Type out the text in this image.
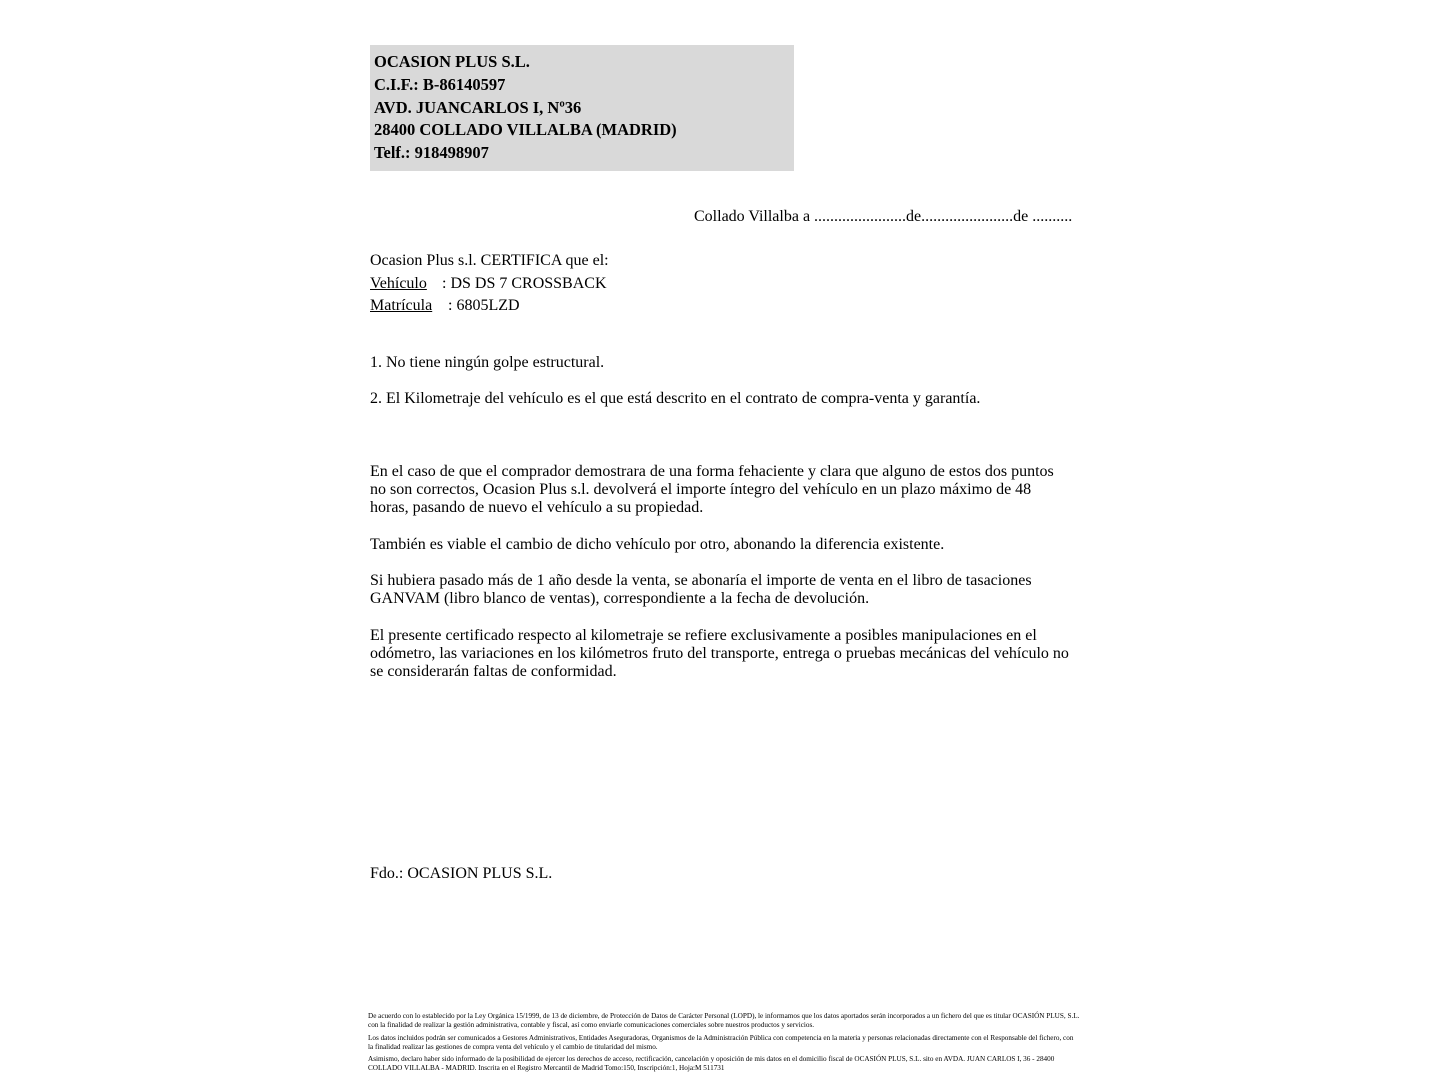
OCASION PLUS S.L.
C.I.F.: B-86140597
AVD. JUANCARLOS I, Nº36
28400 COLLADO VILLALBA (MADRID)
Telf.: 918498907
Collado Villalba a .......................de.......................de ..........
Ocasion Plus s.l. CERTIFICA que el:
Vehículo : DS DS 7 CROSSBACK
Matrícula : 6805LZD
1. No tiene ningún golpe estructural.
2. El Kilometraje del vehículo es el que está descrito en el contrato de compra-venta y garantía.
En el caso de que el comprador demostrara de una forma fehaciente y clara que alguno de estos dos puntos no son correctos, Ocasion Plus s.l. devolverá el importe íntegro del vehículo en un plazo máximo de 48 horas, pasando de nuevo el vehículo a su propiedad.
También es viable el cambio de dicho vehículo por otro, abonando la diferencia existente.
Si hubiera pasado más de 1 año desde la venta, se abonaría el importe de venta en el libro de tasaciones GANVAM (libro blanco de ventas), correspondiente a la fecha de devolución.
El presente certificado respecto al kilometraje se refiere exclusivamente a posibles manipulaciones en el odómetro, las variaciones en los kilómetros fruto del transporte, entrega o pruebas mecánicas del vehículo no se considerarán faltas de conformidad.
Fdo.: OCASION PLUS S.L.

De acuerdo con lo establecido por la Ley Orgánica 15/1999, de 13 de diciembre, de Protección de Datos de Carácter Personal (LOPD), le informamos que los datos aportados serán incorporados a un fichero del que es titular OCASIÓN PLUS, S.L. con la finalidad de realizar la gestión administrativa, contable y fiscal, así como enviarle comunicaciones comerciales sobre nuestros productos y servicios.

Los datos incluidos podrán ser comunicados a Gestores Administrativos, Entidades Aseguradoras, Organismos de la Administración Pública con competencia en la materia y personas relacionadas directamente con el Responsable del fichero, con la finalidad realizar las gestiones de compra venta del vehículo y el cambio de titularidad del mismo.

Asimismo, declaro haber sido informado de la posibilidad de ejercer los derechos de acceso, rectificación, cancelación y oposición de mis datos en el domicilio fiscal de OCASIÓN PLUS, S.L. sito en AVDA. JUAN CARLOS I, 36 - 28400 COLLADO VILLALBA - MADRID. Inscrita en el Registro Mercantil de Madrid Tomo:150, Inscripción:1, Hoja:M 511731
